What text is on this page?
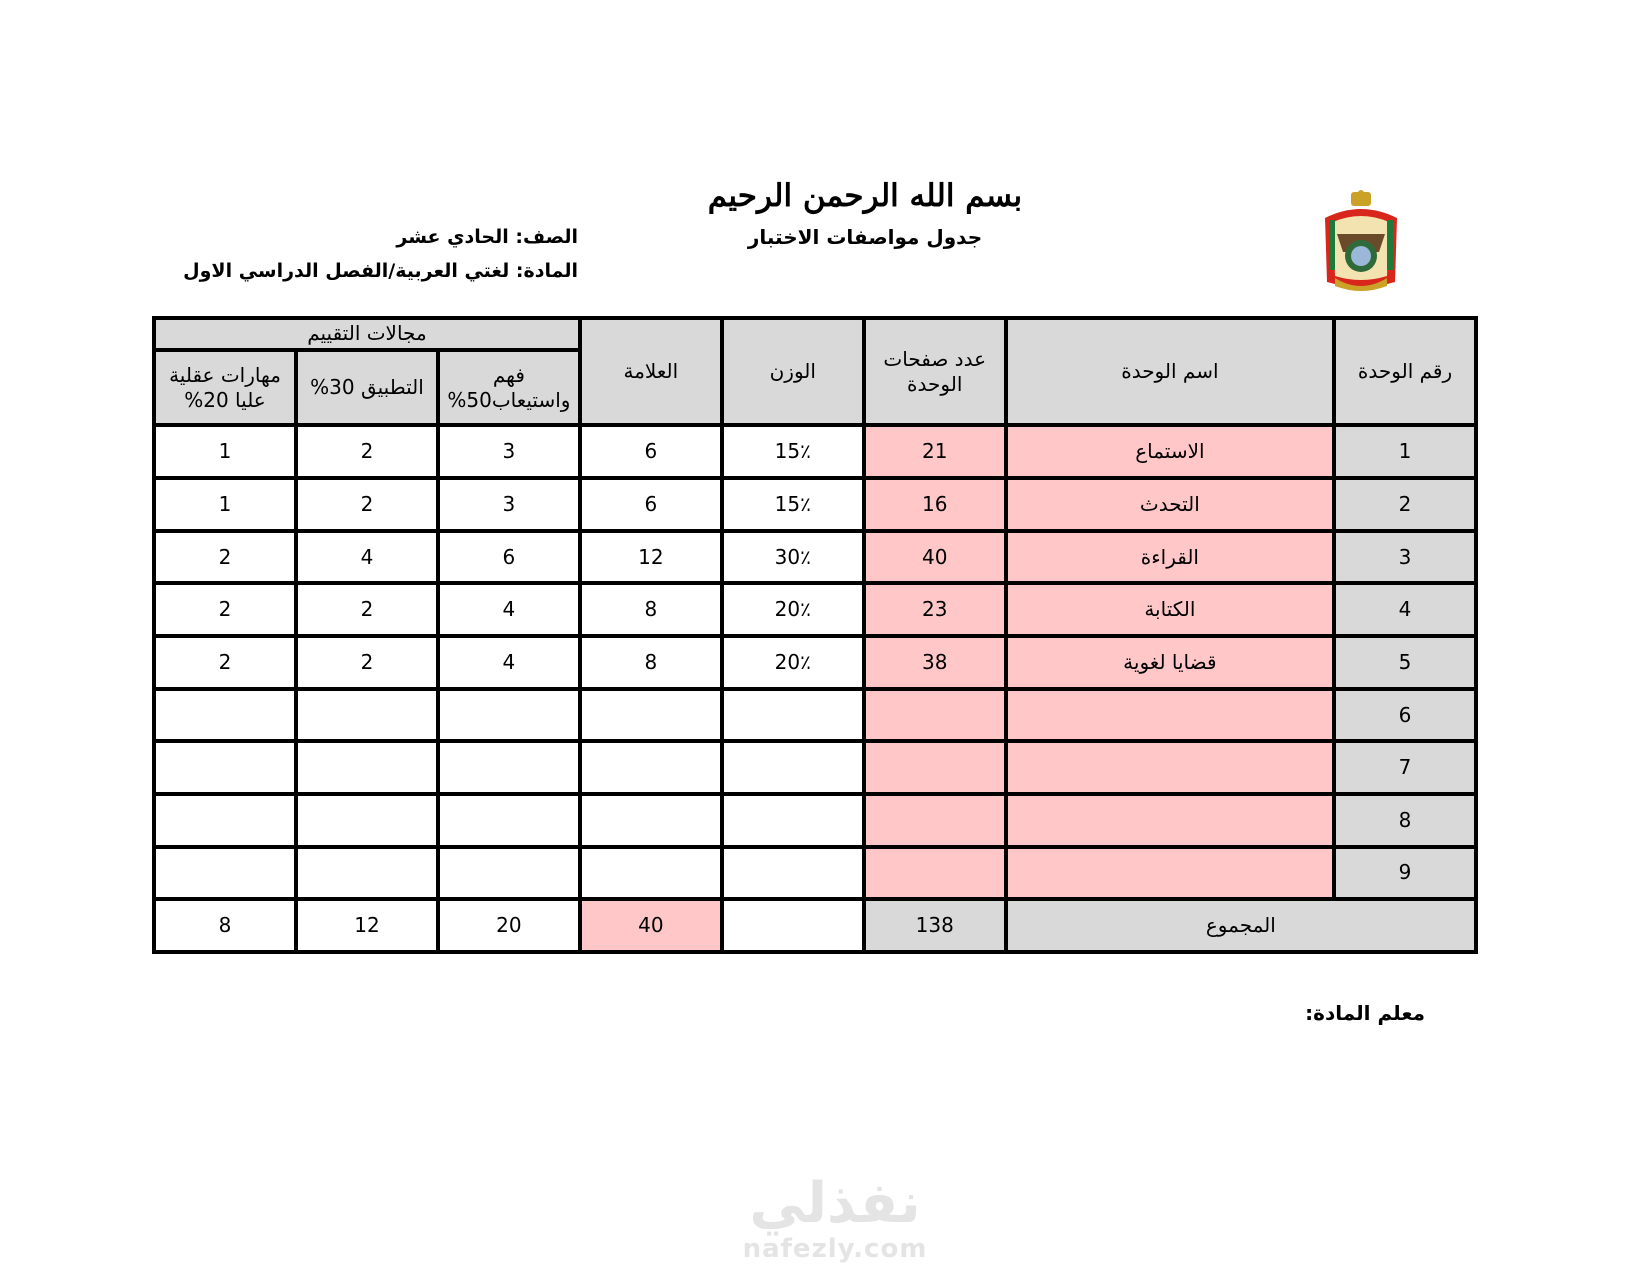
بسم الله الرحمن الرحيم
جدول مواصفات الاختبار
الصف: الحادي عشر
المادة: لغتي العربية/الفصل الدراسي الاول
رقم الوحدة	اسم الوحدة	عدد صفحات الوحدة	الوزن	العلامة	مجالات التقييم		
					فهم واستيعاب50%	التطبيق 30%	مهارات عقلية عليا 20%
1	الاستماع	21	15٪	6	3	2	1
2	التحدث	16	15٪	6	3	2	1
3	القراءة	40	30٪	12	6	4	2
4	الكتابة	23	20٪	8	4	2	2
5	قضايا لغوية	38	20٪	8	4	2	2
6							
7							
8							
9							
المجموع		138		40	20	12	8
معلم المادة:
نفذلي
nafezly.com
